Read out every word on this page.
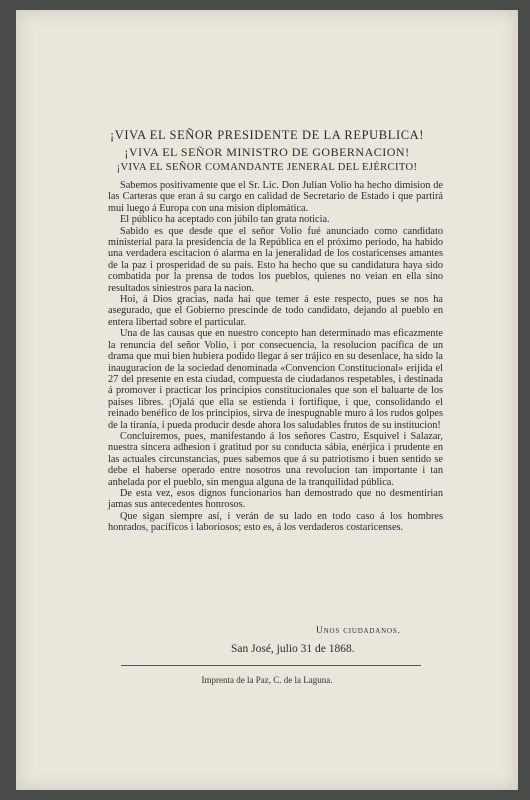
¡VIVA EL SEÑOR PRESIDENTE DE LA REPUBLICA!
¡VIVA EL SEÑOR MINISTRO DE GOBERNACION!
¡VIVA EL SEÑOR COMANDANTE JENERAL DEL EJÉRCITO!

Sabemos positivamente que el Sr. Lic. Don Julian Volio ha hecho dimision de las Carteras que eran á su cargo en calidad de Secretario de Estado i que partirá mui luego á Europa con una mision diplomática.

El público ha aceptado con júbilo tan grata noticia.

Sabido es que desde que el señor Volio fué anunciado como candidato ministerial para la presidencia de la República en el próximo periodo, ha habido una verdadera escitacion ó alarma en la jeneralidad de los costaricenses amantes de la paz i prosperidad de su pais. Esto ha hecho que su candidatura haya sido combatida por la prensa de todos los pueblos, quienes no veian en ella sino resultados siniestros para la nacion.

Hoi, á Dios gracias, nada hai que temer á este respecto, pues se nos ha asegurado, que el Gobierno prescinde de todo candidato, dejando al pueblo en entera libertad sobre el particular.

Una de las causas que en nuestro concepto han determinado mas eficazmente la renuncia del señor Volio, i por consecuencia, la resolucion pacífica de un drama que mui bien hubiera podido llegar á ser trájico en su desenlace, ha sido la inauguracion de la sociedad denominada «Convencion Constitucional» erijida el 27 del presente en esta ciudad, compuesta de ciudadanos respetables, i destinada á promover i practicar los principios constitucionales que son el baluarte de los paises libres. ¡Ojalá que ella se estienda i fortifique, i que, consolidando el reinado benéfico de los principios, sirva de inespugnable muro á los rudos golpes de la tiranía, i pueda producir desde ahora los saludables frutos de su institucion!

Concluiremos, pues, manifestando á los señores Castro, Esquivel i Salazar, nuestra sincera adhesion i gratitud por su conducta sábia, enérjica i prudente en las actuales circunstancias, pues sabemos que á su patriotismo i buen sentido se debe el haberse operado entre nosotros una revolucion tan importante i tan anhelada por el pueblo, sin mengua alguna de la tranquilidad pública.

De esta vez, esos dignos funcionarios han demostrado que no desmentirian jamas sus antecedentes honrosos.

Que sigan siempre así, i verán de su lado en todo caso á los hombres honrados, pacíficos i laboriosos; esto es, á los verdaderos costaricenses.

Unos ciudadanos.
San José, julio 31 de 1868.
Imprenta de la Paz, C. de la Laguna.
